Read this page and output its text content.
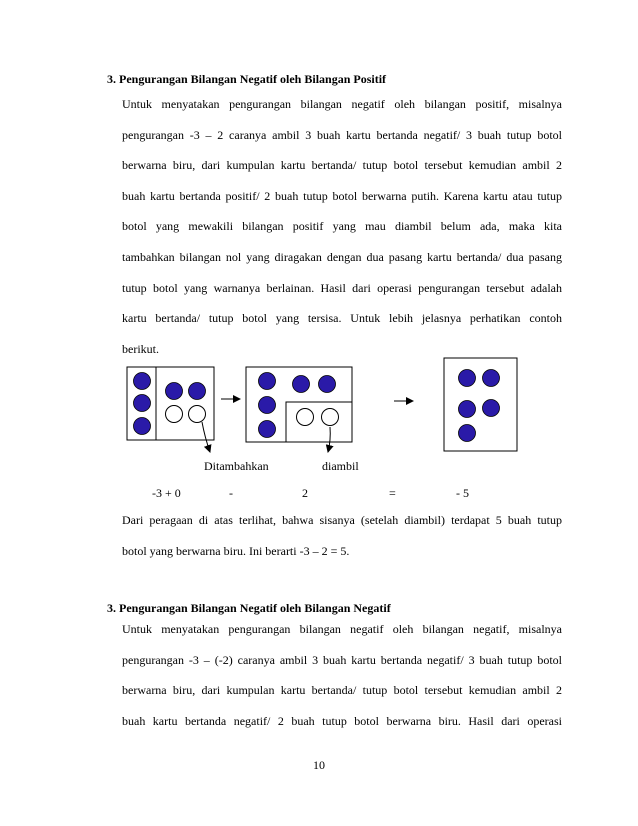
3. Pengurangan Bilangan Negatif oleh Bilangan Positif
Untuk menyatakan pengurangan bilangan negatif oleh bilangan positif, misalnya
pengurangan -3 – 2 caranya ambil 3 buah kartu bertanda negatif/ 3 buah tutup botol
berwarna biru, dari kumpulan kartu bertanda/ tutup botol tersebut kemudian ambil 2
buah kartu bertanda positif/ 2 buah tutup botol berwarna putih. Karena kartu atau tutup
botol yang mewakili bilangan positif yang mau diambil belum ada, maka kita
tambahkan bilangan nol yang diragakan dengan dua pasang kartu bertanda/ dua pasang
tutup botol yang warnanya berlainan. Hasil dari operasi pengurangan tersebut adalah
kartu bertanda/ tutup botol yang tersisa. Untuk lebih jelasnya perhatikan contoh
berikut.
Ditambahkan	diambil
-3 + 0	-	2	=	- 5
Dari peragaan di atas terlihat, bahwa sisanya (setelah diambil) terdapat 5 buah tutup
botol yang berwarna biru. Ini berarti -3 – 2 = 5.
3. Pengurangan Bilangan Negatif oleh Bilangan Negatif
Untuk menyatakan pengurangan bilangan negatif oleh bilangan negatif, misalnya
pengurangan -3 – (-2) caranya ambil 3 buah kartu bertanda negatif/ 3 buah tutup botol
berwarna biru, dari kumpulan kartu bertanda/ tutup botol tersebut kemudian ambil 2
buah kartu bertanda negatif/ 2 buah tutup botol berwarna biru. Hasil dari operasi
10
